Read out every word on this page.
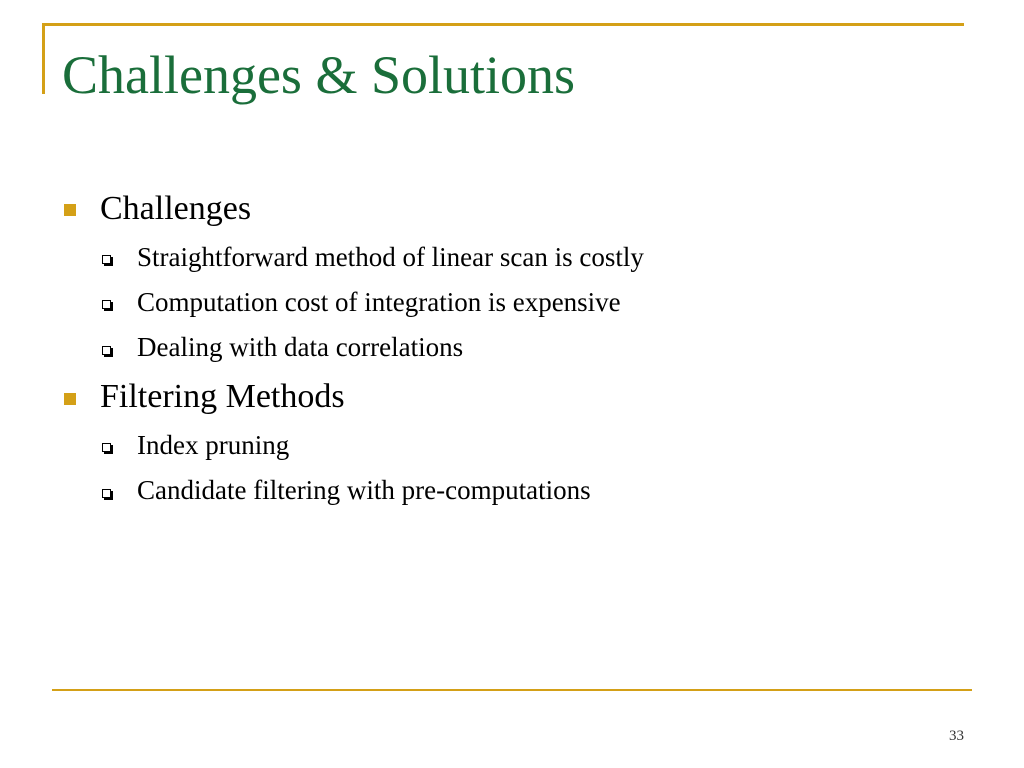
Challenges & Solutions
Challenges
Straightforward method of linear scan is costly
Computation cost of integration is expensive
Dealing with data correlations
Filtering Methods
Index pruning
Candidate filtering with pre-computations
33
